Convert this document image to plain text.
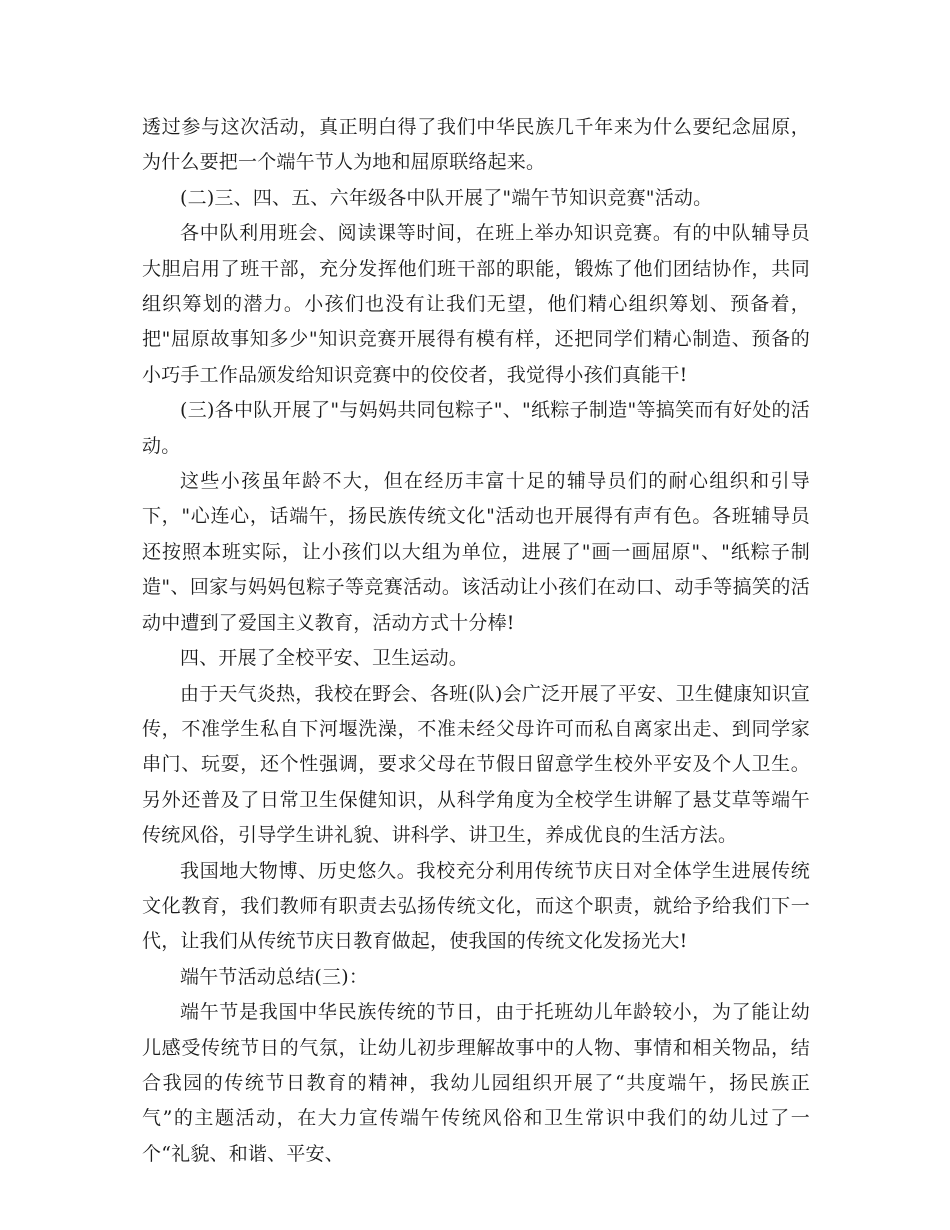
透过参与这次活动，真正明白得了我们中华民族几千年来为什么要纪念屈原，为什么要把一个端午节人为地和屈原联络起来。

(二)三、四、五、六年级各中队开展了"端午节知识竞赛"活动。

各中队利用班会、阅读课等时间，在班上举办知识竞赛。有的中队辅导员大胆启用了班干部，充分发挥他们班干部的职能，锻炼了他们团结协作，共同组织筹划的潜力。小孩们也没有让我们无望，他们精心组织筹划、预备着，把"屈原故事知多少"知识竞赛开展得有模有样，还把同学们精心制造、预备的小巧手工作品颁发给知识竞赛中的佼佼者，我觉得小孩们真能干!

(三)各中队开展了"与妈妈共同包粽子"、"纸粽子制造"等搞笑而有好处的活动。

这些小孩虽年龄不大，但在经历丰富十足的辅导员们的耐心组织和引导下，"心连心，话端午，扬民族传统文化"活动也开展得有声有色。各班辅导员还按照本班实际，让小孩们以大组为单位，进展了"画一画屈原"、"纸粽子制造"、回家与妈妈包粽子等竞赛活动。该活动让小孩们在动口、动手等搞笑的活动中遭到了爱国主义教育，活动方式十分棒!

四、开展了全校平安、卫生运动。

由于天气炎热，我校在野会、各班(队)会广泛开展了平安、卫生健康知识宣传，不准学生私自下河堰洗澡，不准未经父母许可而私自离家出走、到同学家串门、玩耍，还个性强调，要求父母在节假日留意学生校外平安及个人卫生。另外还普及了日常卫生保健知识，从科学角度为全校学生讲解了悬艾草等端午传统风俗，引导学生讲礼貌、讲科学、讲卫生，养成优良的生活方法。

我国地大物博、历史悠久。我校充分利用传统节庆日对全体学生进展传统文化教育，我们教师有职责去弘扬传统文化，而这个职责，就给予给我们下一代，让我们从传统节庆日教育做起，使我国的传统文化发扬光大!

端午节活动总结(三)：

端午节是我国中华民族传统的节日，由于托班幼儿年龄较小，为了能让幼儿感受传统节日的气氛，让幼儿初步理解故事中的人物、事情和相关物品，结合我园的传统节日教育的精神，我幼儿园组织开展了“共度端午，扬民族正气”的主题活动，在大力宣传端午传统风俗和卫生常识中我们的幼儿过了一个“礼貌、和谐、平安、
